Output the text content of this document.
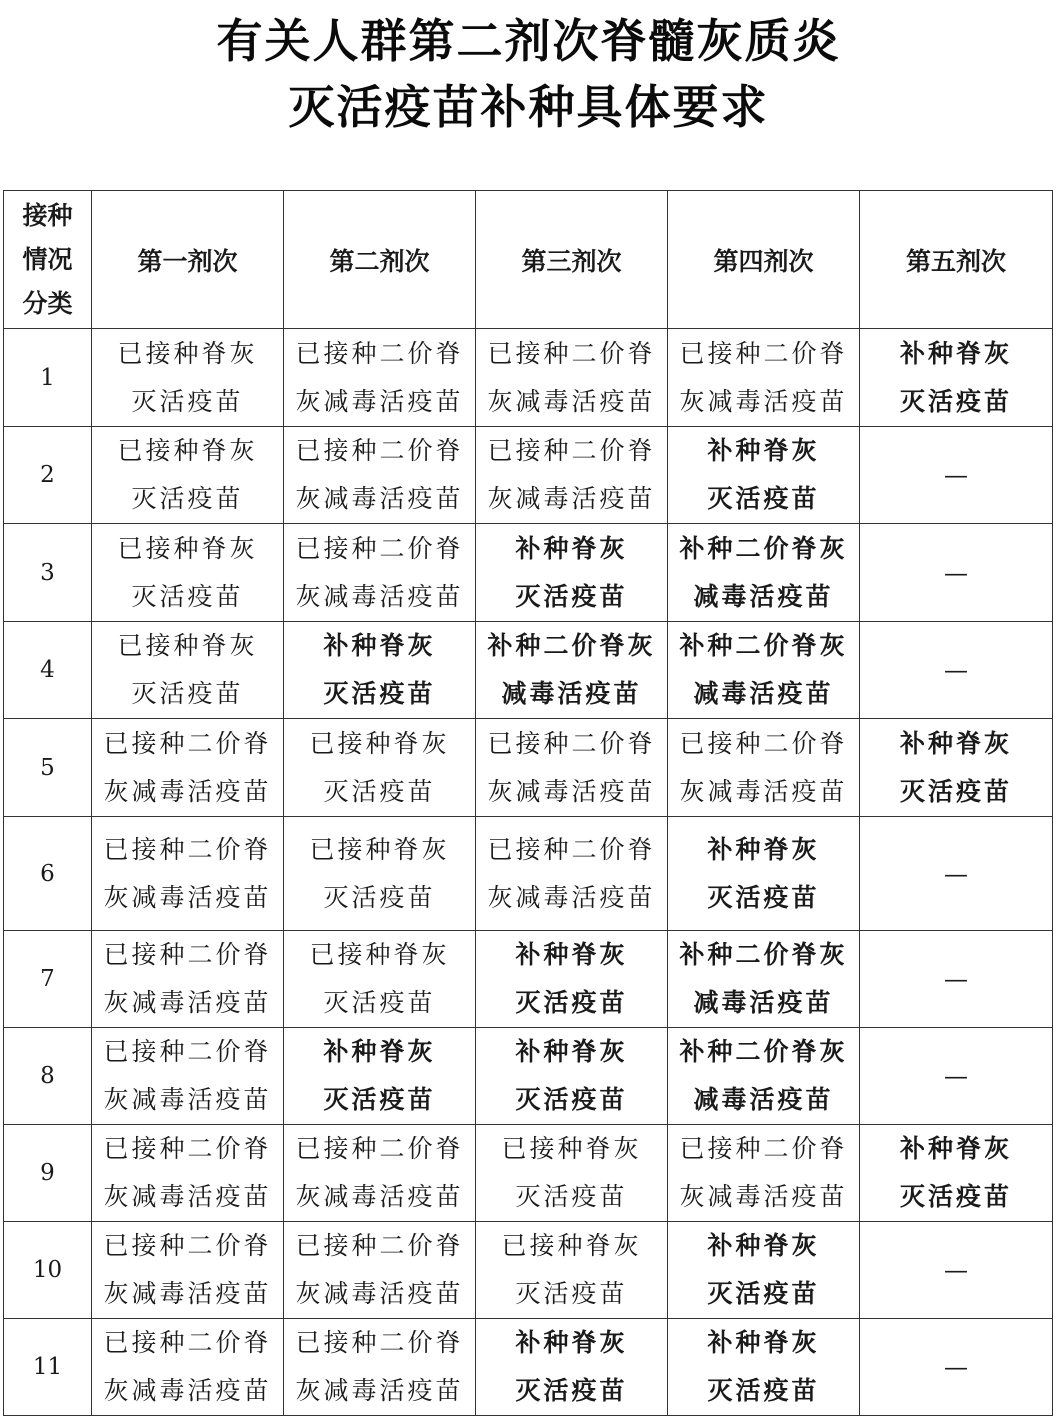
有关人群第二剂次脊髓灰质炎
灭活疫苗补种具体要求
接种
情况
分类	第一剂次	第二剂次	第三剂次	第四剂次	第五剂次
1	已接种脊灰
灭活疫苗	已接种二价脊
灰减毒活疫苗	已接种二价脊
灰减毒活疫苗	已接种二价脊
灰减毒活疫苗	补种脊灰
灭活疫苗

2	已接种脊灰
灭活疫苗	已接种二价脊
灰减毒活疫苗	已接种二价脊
灰减毒活疫苗	补种脊灰
灭活疫苗	—

3	已接种脊灰
灭活疫苗	已接种二价脊
灰减毒活疫苗	补种脊灰
灭活疫苗	补种二价脊灰
减毒活疫苗	—

4	已接种脊灰
灭活疫苗	补种脊灰
灭活疫苗	补种二价脊灰
减毒活疫苗	补种二价脊灰
减毒活疫苗	—

5	已接种二价脊
灰减毒活疫苗	已接种脊灰
灭活疫苗	已接种二价脊
灰减毒活疫苗	已接种二价脊
灰减毒活疫苗	补种脊灰
灭活疫苗

6	已接种二价脊
灰减毒活疫苗	已接种脊灰
灭活疫苗	已接种二价脊
灰减毒活疫苗	补种脊灰
灭活疫苗	—

7	已接种二价脊
灰减毒活疫苗	已接种脊灰
灭活疫苗	补种脊灰
灭活疫苗	补种二价脊灰
减毒活疫苗	—

8	已接种二价脊
灰减毒活疫苗	补种脊灰
灭活疫苗	补种脊灰
灭活疫苗	补种二价脊灰
减毒活疫苗	—

9	已接种二价脊
灰减毒活疫苗	已接种二价脊
灰减毒活疫苗	已接种脊灰
灭活疫苗	已接种二价脊
灰减毒活疫苗	补种脊灰
灭活疫苗

10	已接种二价脊
灰减毒活疫苗	已接种二价脊
灰减毒活疫苗	已接种脊灰
灭活疫苗	补种脊灰
灭活疫苗	—

11	已接种二价脊
灰减毒活疫苗	已接种二价脊
灰减毒活疫苗	补种脊灰
灭活疫苗	补种脊灰
灭活疫苗	—
